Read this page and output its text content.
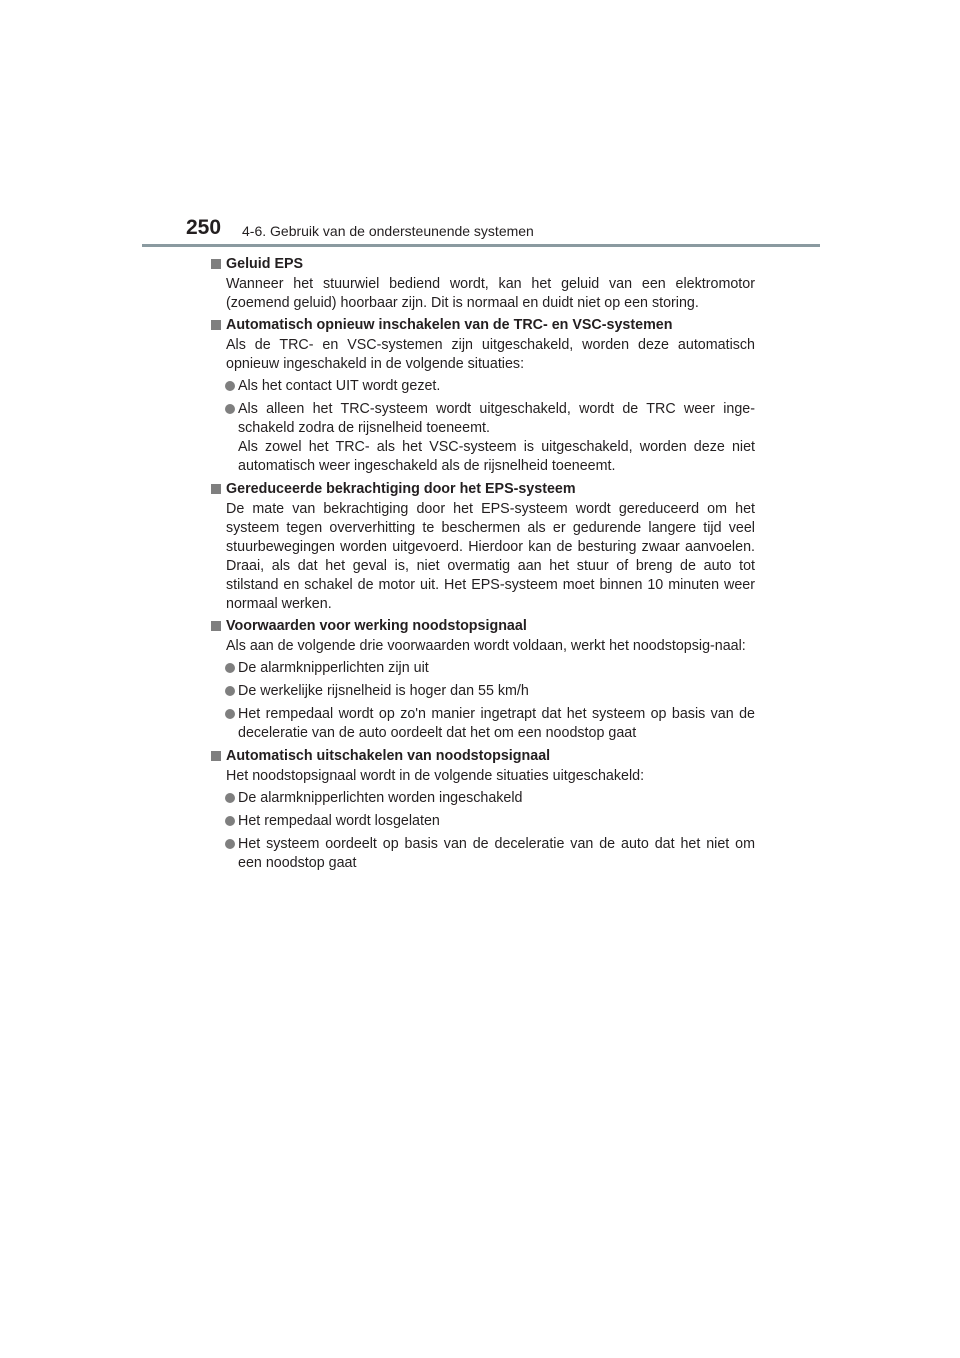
250 4-6. Gebruik van de ondersteunende systemen
Geluid EPS
Wanneer het stuurwiel bediend wordt, kan het geluid van een elektromotor (zoemend geluid) hoorbaar zijn. Dit is normaal en duidt niet op een storing.
Automatisch opnieuw inschakelen van de TRC- en VSC-systemen
Als de TRC- en VSC-systemen zijn uitgeschakeld, worden deze automatisch opnieuw ingeschakeld in de volgende situaties:
Als het contact UIT wordt gezet.
Als alleen het TRC-systeem wordt uitgeschakeld, wordt de TRC weer inge-schakeld zodra de rijsnelheid toeneemt.
Als zowel het TRC- als het VSC-systeem is uitgeschakeld, worden deze niet automatisch weer ingeschakeld als de rijsnelheid toeneemt.
Gereduceerde bekrachtiging door het EPS-systeem
De mate van bekrachtiging door het EPS-systeem wordt gereduceerd om het systeem tegen oververhitting te beschermen als er gedurende langere tijd veel stuurbewegingen worden uitgevoerd. Hierdoor kan de besturing zwaar aanvoelen. Draai, als dat het geval is, niet overmatig aan het stuur of breng de auto tot stilstand en schakel de motor uit. Het EPS-systeem moet binnen 10 minuten weer normaal werken.
Voorwaarden voor werking noodstopsignaal
Als aan de volgende drie voorwaarden wordt voldaan, werkt het noodstopsig-naal:
De alarmknipperlichten zijn uit
De werkelijke rijsnelheid is hoger dan 55 km/h
Het rempedaal wordt op zo'n manier ingetrapt dat het systeem op basis van de deceleratie van de auto oordeelt dat het om een noodstop gaat
Automatisch uitschakelen van noodstopsignaal
Het noodstopsignaal wordt in de volgende situaties uitgeschakeld:
De alarmknipperlichten worden ingeschakeld
Het rempedaal wordt losgelaten
Het systeem oordeelt op basis van de deceleratie van de auto dat het niet om een noodstop gaat
